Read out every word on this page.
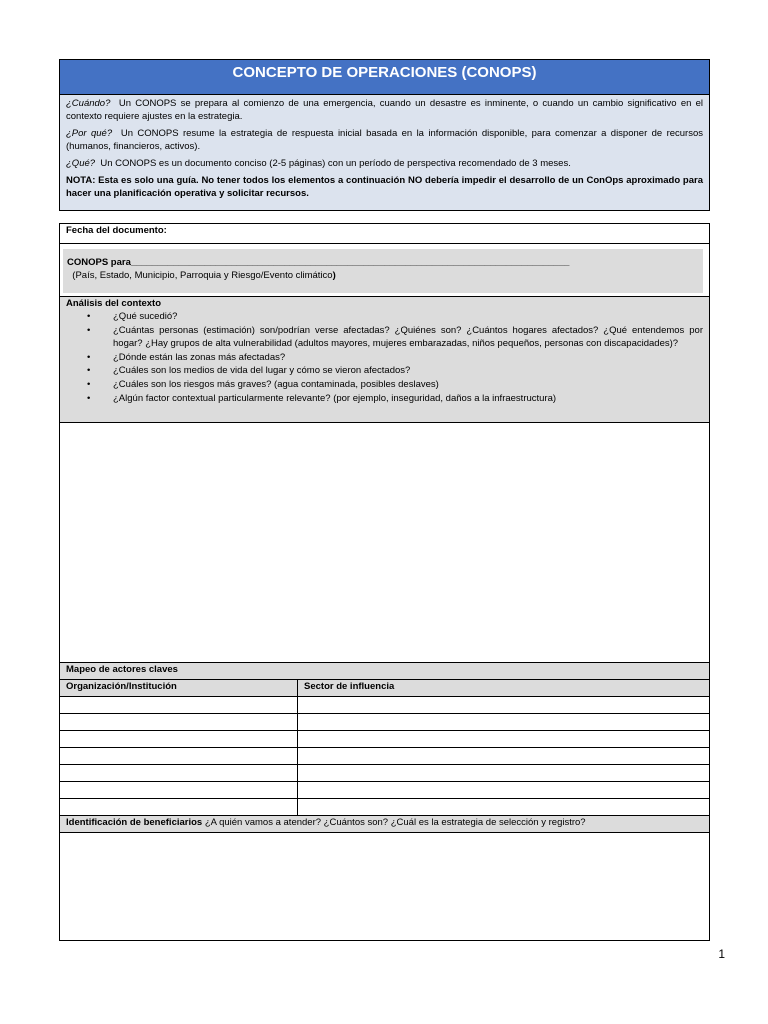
CONCEPTO DE OPERACIONES (CONOPS)

¿Cuándo? Un CONOPS se prepara al comienzo de una emergencia, cuando un desastre es inminente, o cuando un cambio significativo en el contexto requiere ajustes en la estrategia.

¿Por qué? Un CONOPS resume la estrategia de respuesta inicial basada en la información disponible, para comenzar a disponer de recursos (humanos, financieros, activos).

¿Qué? Un CONOPS es un documento conciso (2-5 páginas) con un período de perspectiva recomendado de 3 meses.

NOTA: Esta es solo una guía. No tener todos los elementos a continuación NO debería impedir el desarrollo de un ConOps aproximado para hacer una planificación operativa y solicitar recursos.

Fecha del documento:
CONOPS para___________________________________________________________________________________
(País, Estado, Municipio, Parroquia y Riesgo/Evento climático)
Análisis del contexto
• ¿Qué sucedió?
• ¿Cuántas personas (estimación) son/podrían verse afectadas? ¿Quiénes son? ¿Cuántos hogares afectados? ¿Qué entendemos por hogar? ¿Hay grupos de alta vulnerabilidad (adultos mayores, mujeres embarazadas, niños pequeños, personas con discapacidades)?
• ¿Dónde están las zonas más afectadas?
• ¿Cuáles son los medios de vida del lugar y cómo se vieron afectados?
• ¿Cuáles son los riesgos más graves? (agua contaminada, posibles deslaves)
• ¿Algún factor contextual particularmente relevante? (por ejemplo, inseguridad, daños a la infraestructura)
Mapeo de actores claves
Organización/Institución	Sector de influencia
Identificación de beneficiarios ¿A quién vamos a atender? ¿Cuántos son? ¿Cuál es la estrategia de selección y registro?
1
